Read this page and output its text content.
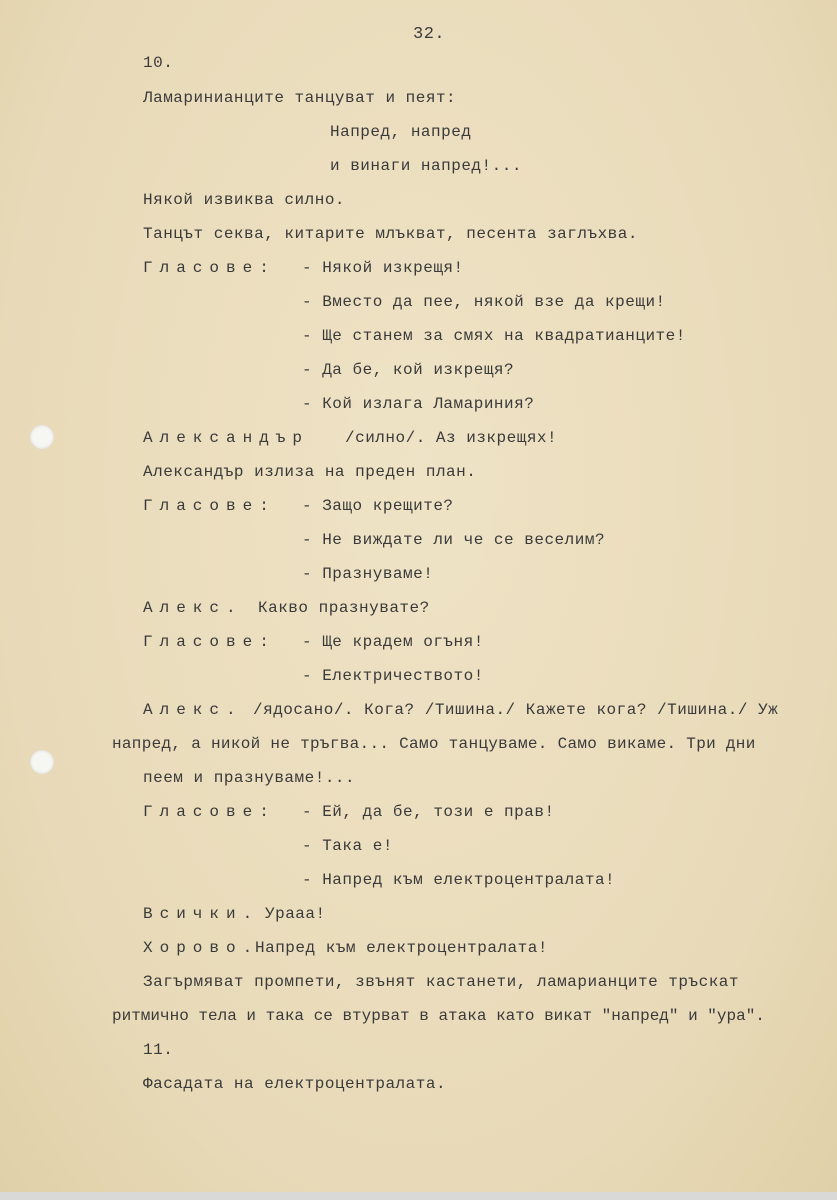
32.
10.
Ламаринианците танцуват и пеят:
Напред, напред
и винаги напред!...
Някой извиква силно.
Танцът секва, китарите млъкват, песента заглъхва.
Гласове: - Някой изкрещя!
- Вместо да пее, някой взе да крещи!
- Ще станем за смях на квадратианците!
- Да бе, кой изкрещя?
- Кой излага Ламариния?
Александър /силно/. Аз изкрещях!
Александър излиза на преден план.
Гласове: - Защо крещите?
- Не виждате ли че се веселим?
- Празнуваме!
Алекс. Какво празнувате?
Гласове: - Ще крадем огъня!
- Електричеството!
Алекс. /ядосано/. Кога? /Тишина./ Кажете кога? /Тишина./ Уж
напред, а никой не тръгва... Само танцуваме. Само викаме. Три дни
пеем и празнуваме!...
Гласове: - Ей, да бе, този е прав!
- Така е!
- Напред към електроцентралата!
Всички. Урааа!
Хорово.
Напред към електроцентралата!
Загърмяват промпети, звънят кастанети, ламарианците тръскат
ритмично тела и така се втурват в атака като викат "напред" и "ура".
11.
Фасадата на електроцентралата.
